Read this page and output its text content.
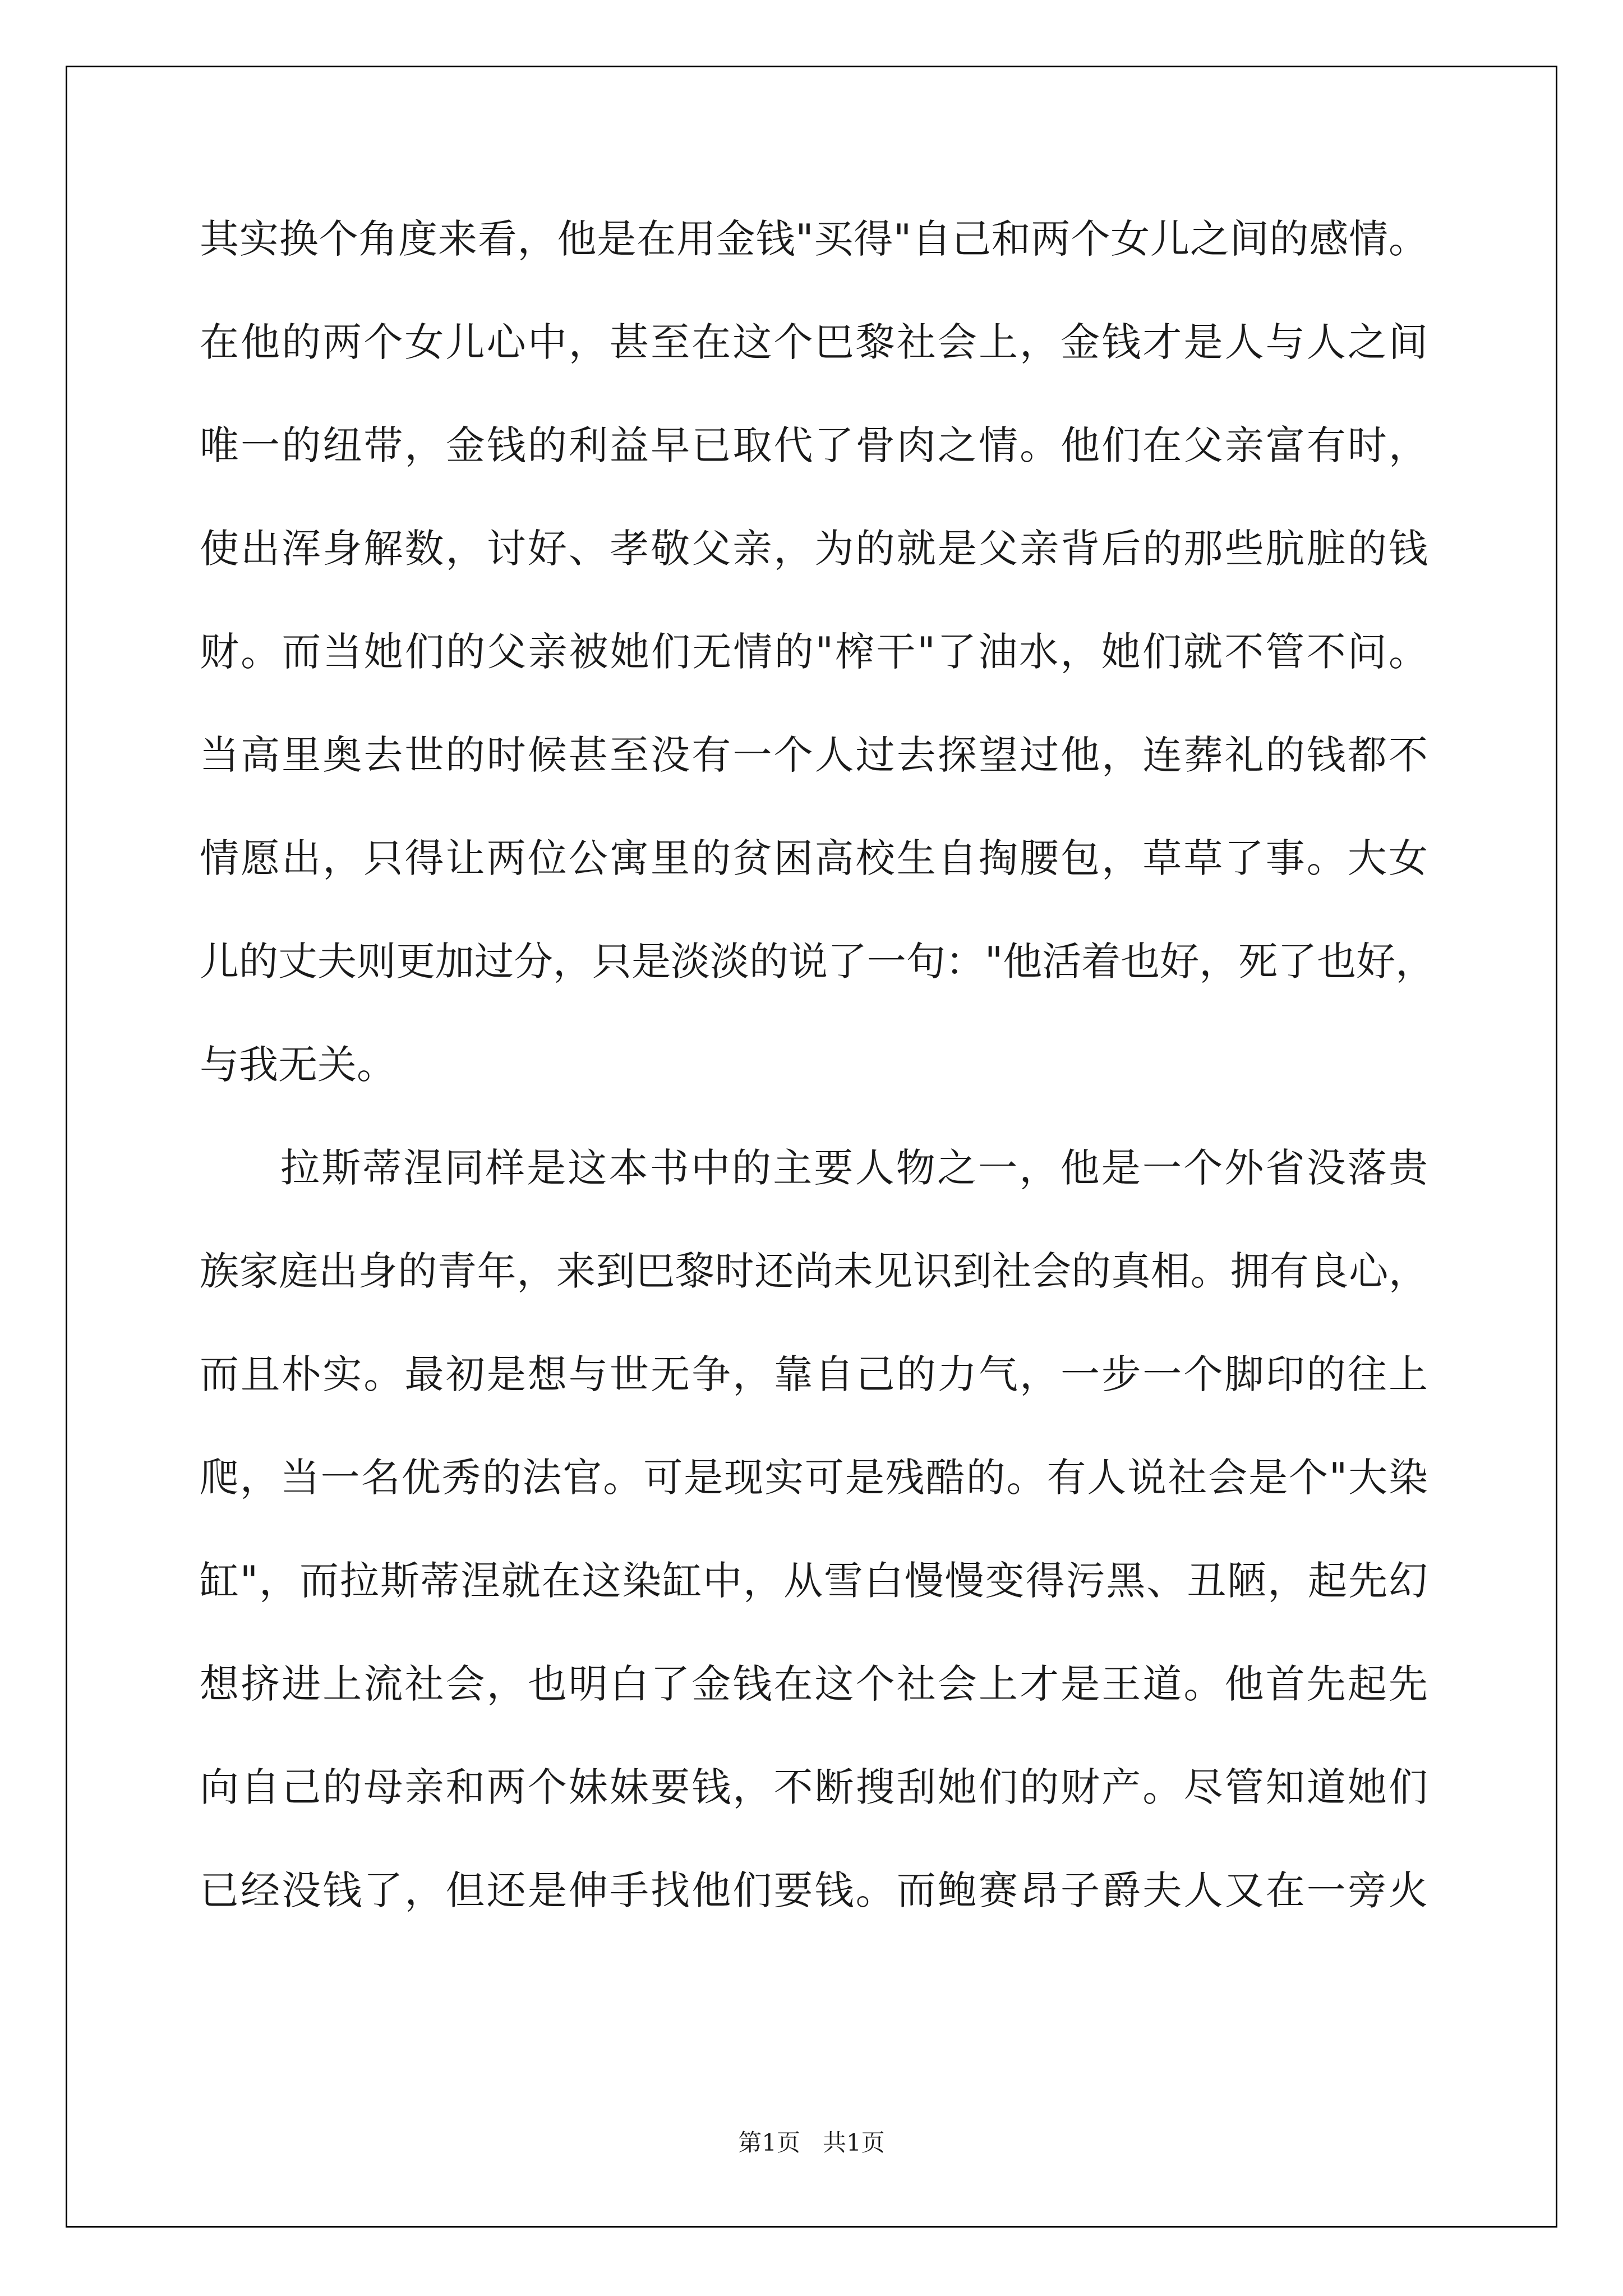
其实换个角度来看，他是在用金钱"买得"自己和两个女儿之间的感情。
在他的两个女儿心中，甚至在这个巴黎社会上，金钱才是人与人之间
唯一的纽带，金钱的利益早已取代了骨肉之情。他们在父亲富有时，
使出浑身解数，讨好、孝敬父亲，为的就是父亲背后的那些肮脏的钱
财。而当她们的父亲被她们无情的"榨干"了油水，她们就不管不问。
当高里奥去世的时候甚至没有一个人过去探望过他，连葬礼的钱都不
情愿出，只得让两位公寓里的贫困高校生自掏腰包，草草了事。大女
儿的丈夫则更加过分，只是淡淡的说了一句："他活着也好，死了也好，
与我无关。
拉斯蒂涅同样是这本书中的主要人物之一，他是一个外省没落贵
族家庭出身的青年，来到巴黎时还尚未见识到社会的真相。拥有良心，
而且朴实。最初是想与世无争，靠自己的力气，一步一个脚印的往上
爬，当一名优秀的法官。可是现实可是残酷的。有人说社会是个"大染
缸"，而拉斯蒂涅就在这染缸中，从雪白慢慢变得污黑、丑陋，起先幻
想挤进上流社会，也明白了金钱在这个社会上才是王道。他首先起先
向自己的母亲和两个妹妹要钱，不断搜刮她们的财产。尽管知道她们
已经没钱了，但还是伸手找他们要钱。而鲍赛昂子爵夫人又在一旁火
第1页   共1页
